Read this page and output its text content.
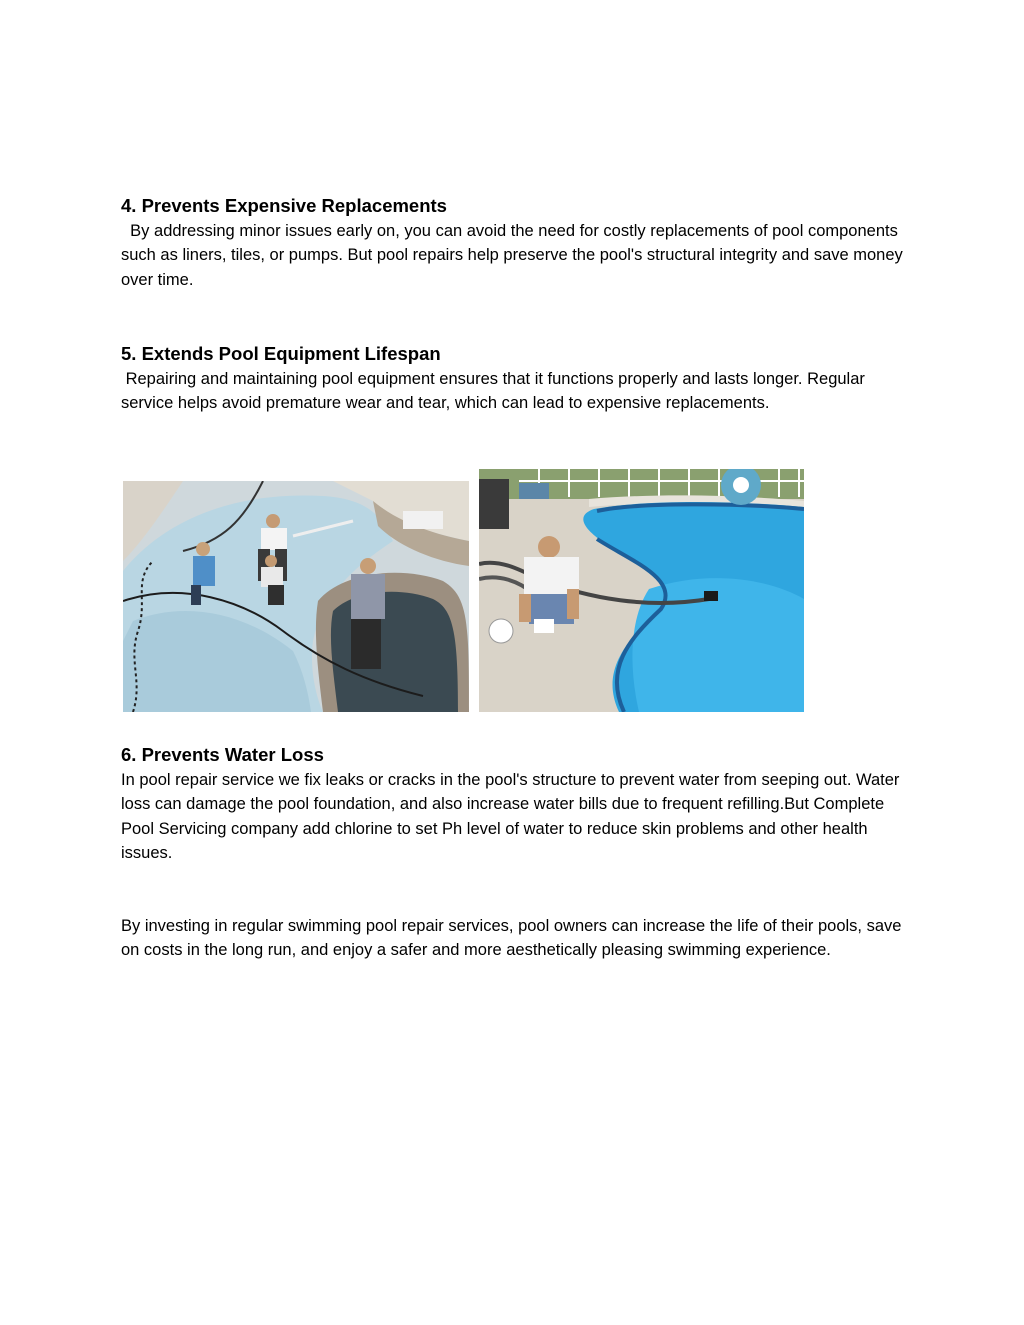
4. Prevents Expensive Replacements

By addressing minor issues early on, you can avoid the need for costly replacements of pool components such as liners, tiles, or pumps. But pool repairs help preserve the pool's structural integrity and save money over time.

5. Extends Pool Equipment Lifespan

Repairing and maintaining pool equipment ensures that it functions properly and lasts longer. Regular service helps avoid premature wear and tear, which can lead to expensive replacements.

6. Prevents Water Loss

In pool repair service we fix leaks or cracks in the pool's structure to prevent water from seeping out. Water loss can damage the pool foundation, and also increase water bills due to frequent refilling.But Complete Pool Servicing company add chlorine to set Ph level of water to reduce skin problems and other health issues.

By investing in regular swimming pool repair services, pool owners can increase the life of their pools, save on costs in the long run, and enjoy a safer and more aesthetically pleasing swimming experience.
